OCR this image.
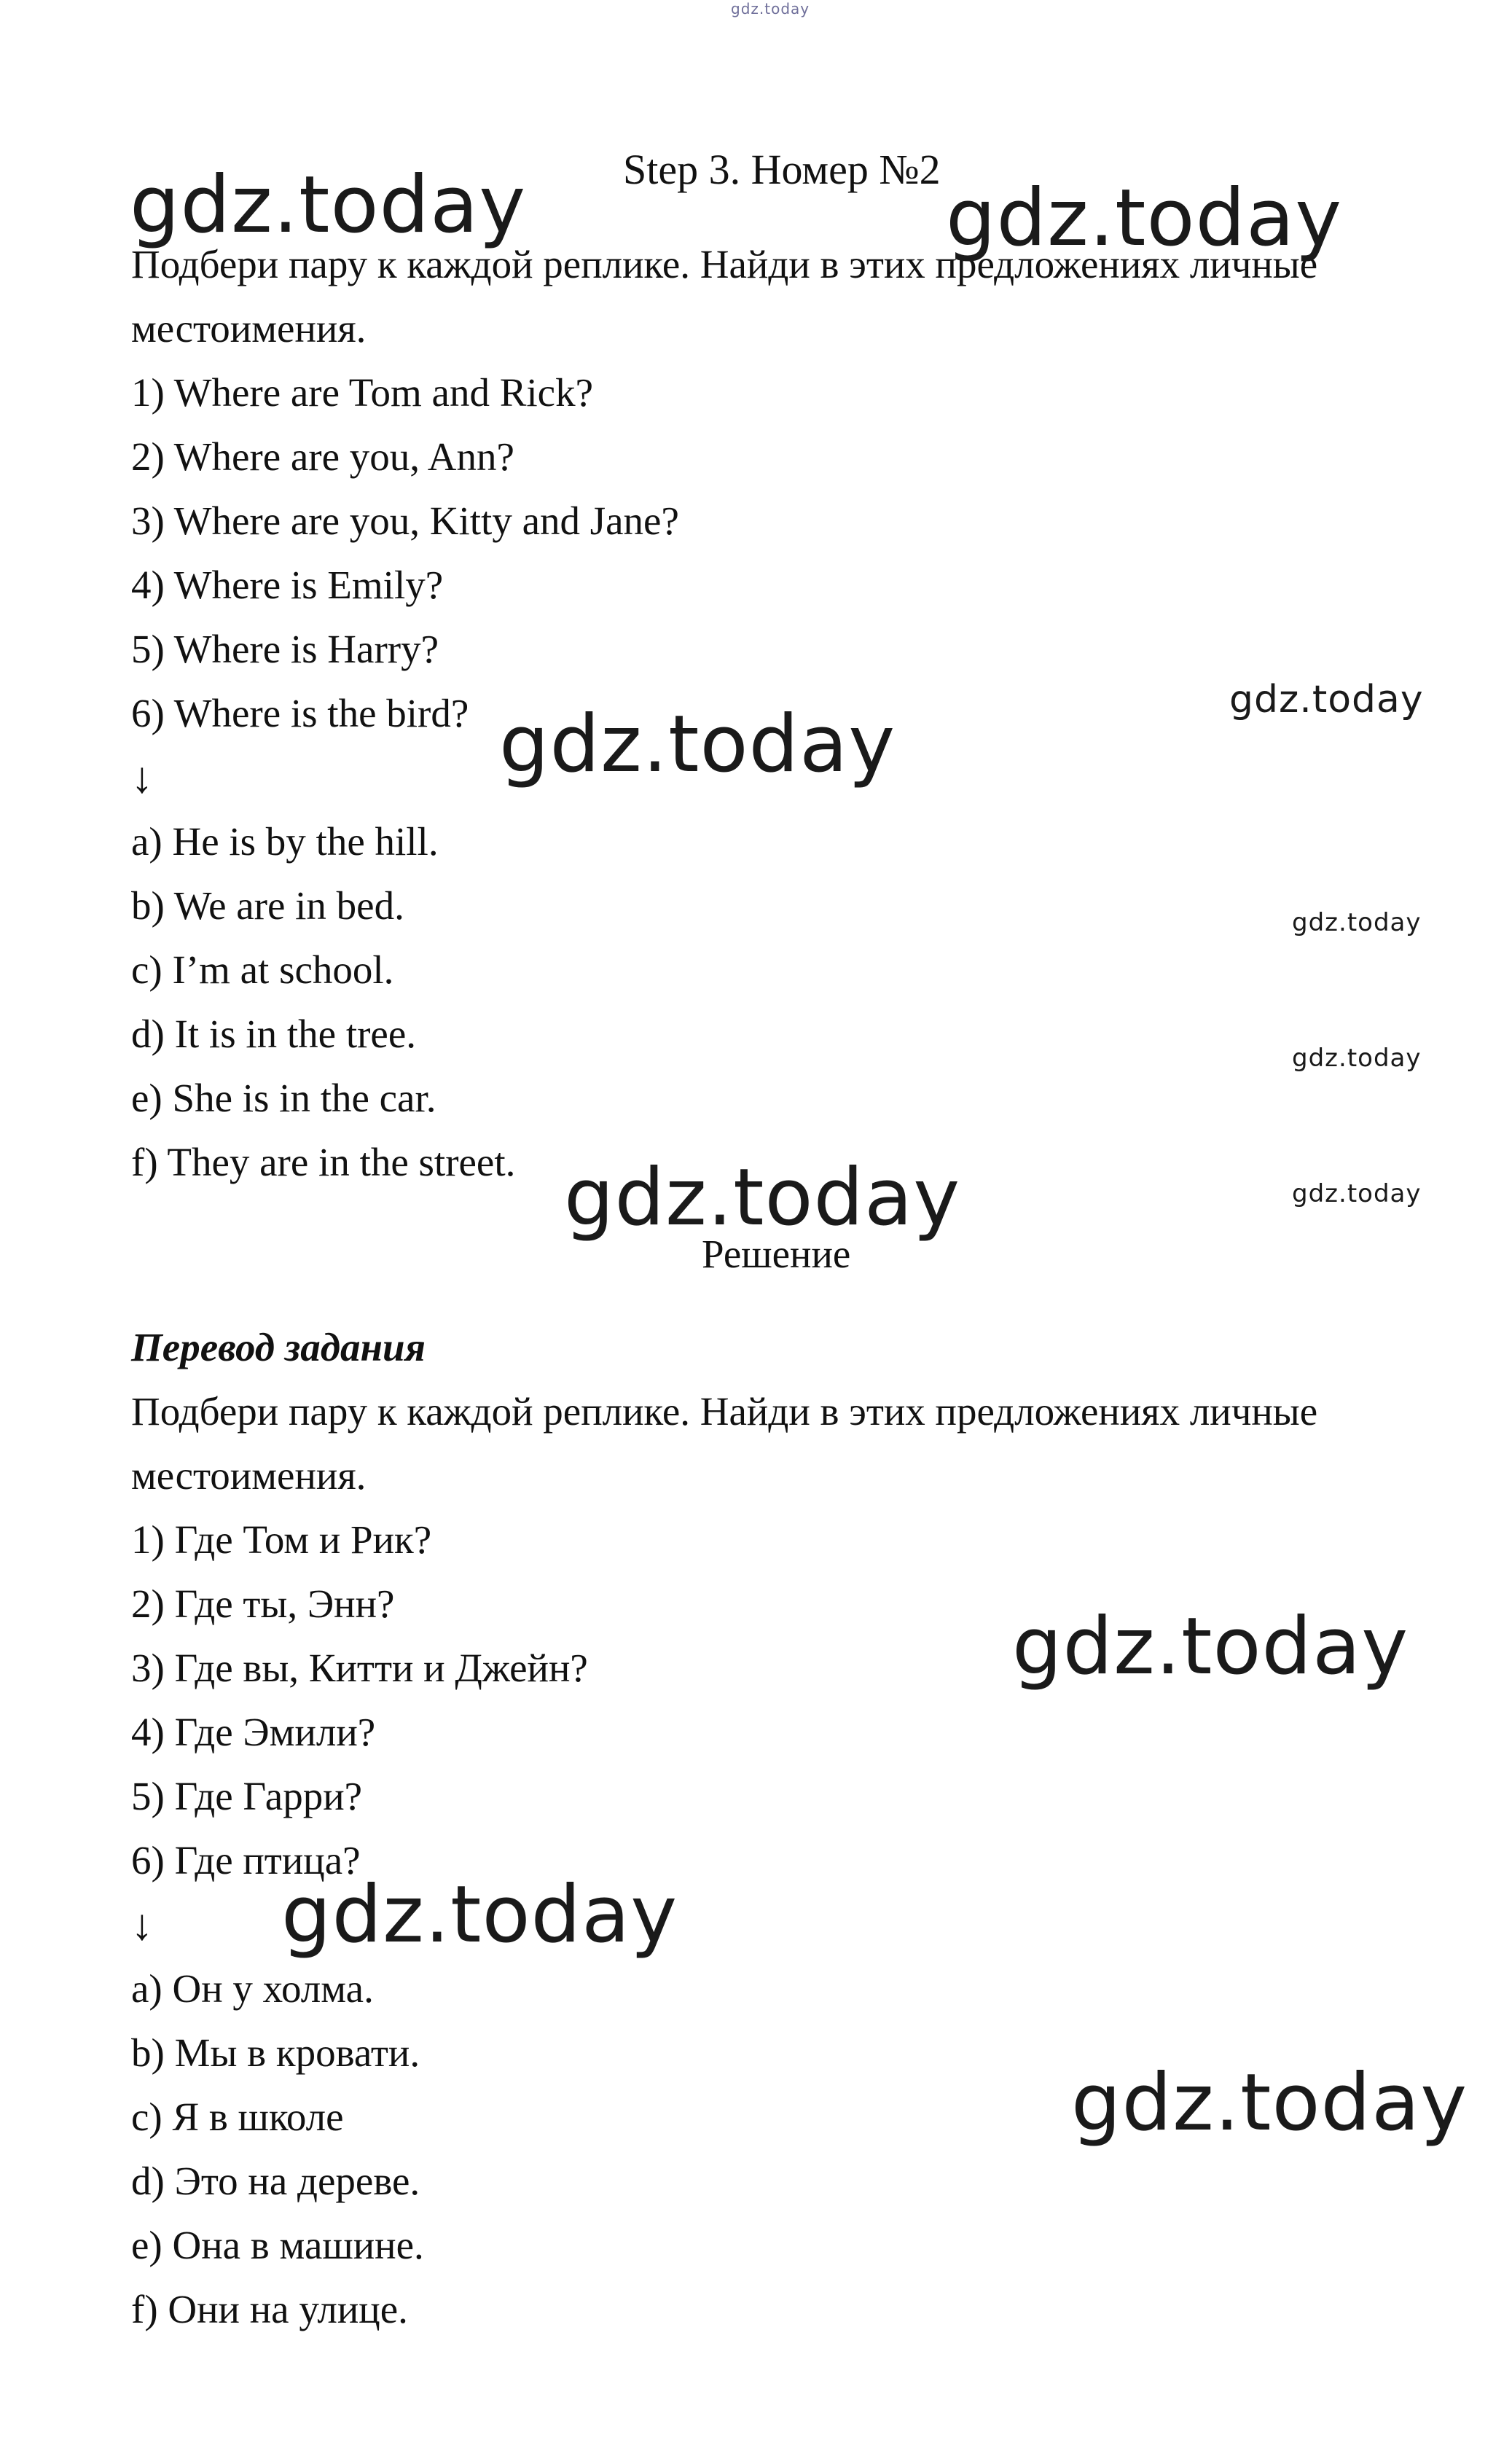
gdz.today
Step 3. Номер №2
Подбери пару к каждой реплике. Найди в этих предложениях личные
местоимения.
1) Where are Tom and Rick?
2) Where are you, Ann?
3) Where are you, Kitty and Jane?
4) Where is Emily?
5) Where is Harry?
6) Where is the bird?
↓
a) He is by the hill.
b) We are in bed.
c) I’m at school.
d) It is in the tree.
e) She is in the car.
f) They are in the street.
Решение
Перевод задания
Подбери пару к каждой реплике. Найди в этих предложениях личные
местоимения.
1) Где Том и Рик?
2) Где ты, Энн?
3) Где вы, Китти и Джейн?
4) Где Эмили?
5) Где Гарри?
6) Где птица?
↓
a) Он у холма.
b) Мы в кровати.
c) Я в школе
d) Это на дереве.
e) Она в машине.
f) Они на улице.
gdz.today	gdz.today
gdz.today
gdz.today
gdz.today
gdz.today
gdz.today	gdz.today
gdz.today
gdz.today
gdz.today
